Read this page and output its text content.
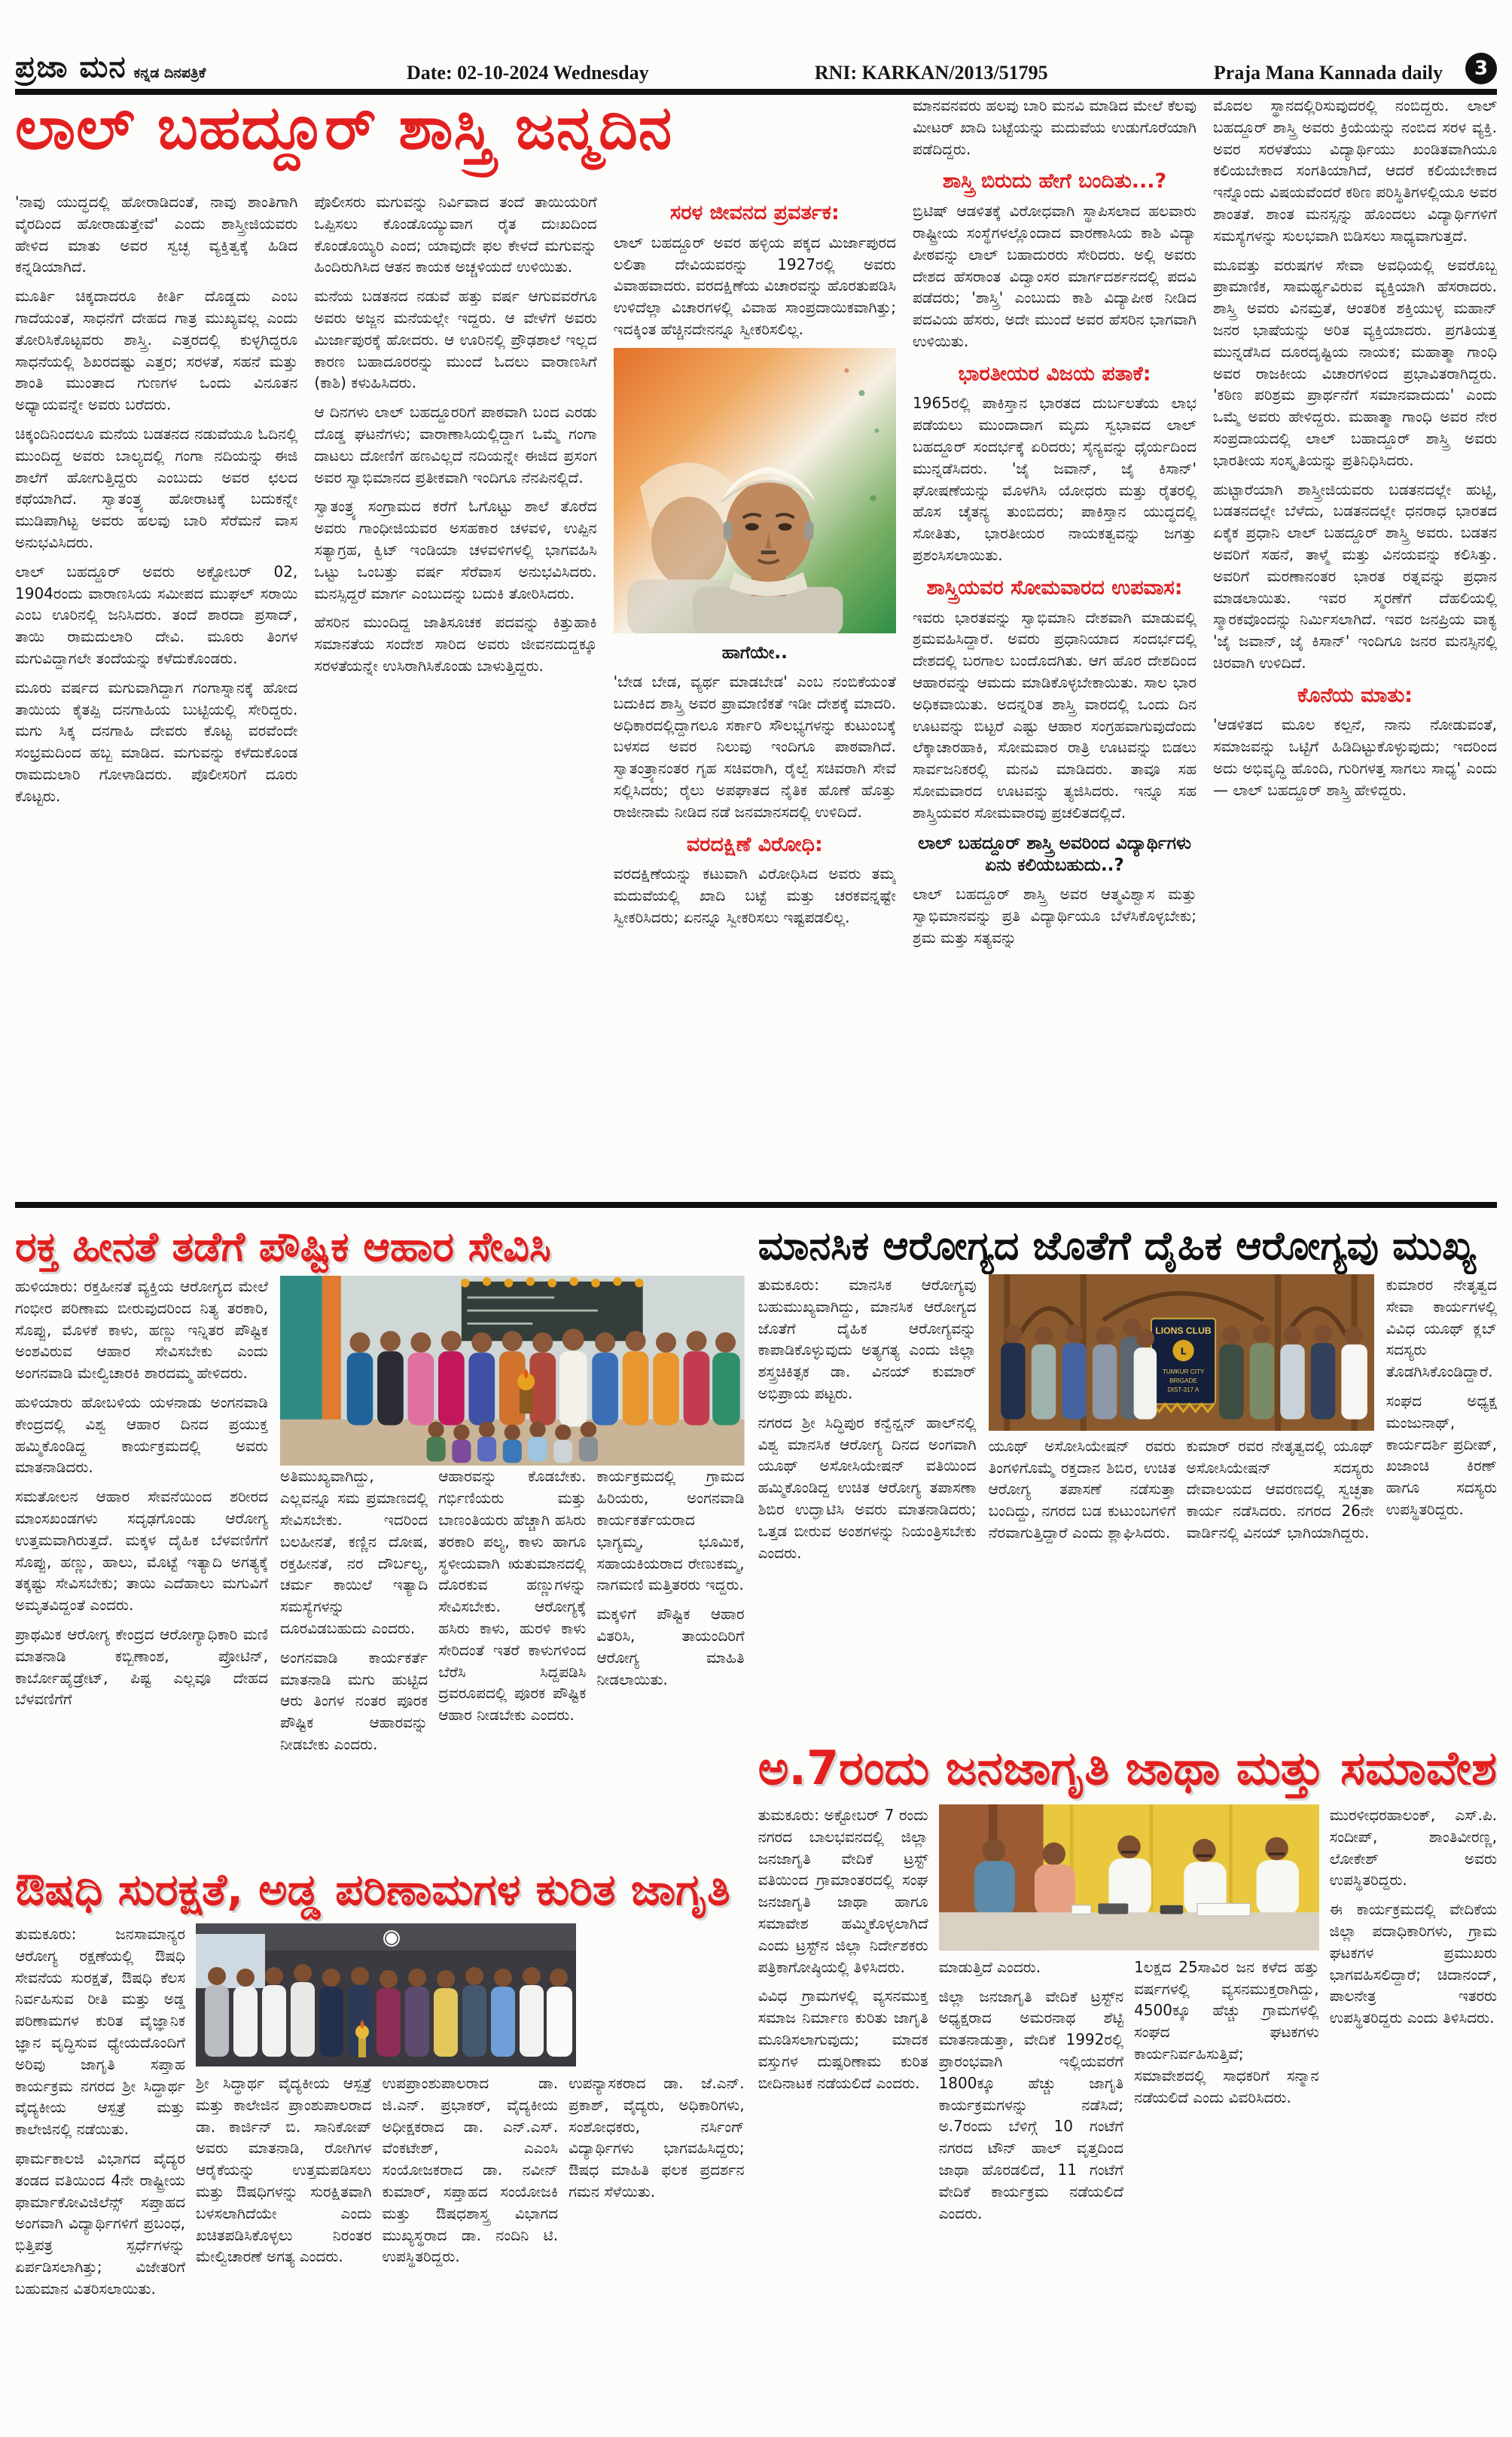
ಪ್ರಜಾ ಮನ ಕನ್ನಡ ದಿನಪತ್ರಿಕೆ	Date: 02-10-2024 Wednesday	RNI: KARKAN/2013/51795	Praja Mana Kannada daily	3
ಲಾಲ್ ಬಹದ್ದೂರ್ ಶಾಸ್ತ್ರಿ ಜನ್ಮದಿನ
'ನಾವು ಯುದ್ಧದಲ್ಲಿ ಹೋರಾಡಿದಂತೆ, ನಾವು ಶಾಂತಿಗಾಗಿ ವೈರದಿಂದ ಹೋರಾಡುತ್ತೇವೆ' ಎಂದು ಶಾಸ್ತ್ರೀಜಿಯವರು ಹೇಳಿದ ಮಾತು ಅವರ ಸ್ವಚ್ಛ ವ್ಯಕ್ತಿತ್ವಕ್ಕೆ ಹಿಡಿದ ಕನ್ನಡಿಯಾಗಿದೆ.
ಮೂರ್ತಿ ಚಿಕ್ಕದಾದರೂ ಕೀರ್ತಿ ದೊಡ್ಡದು ಎಂಬ ಗಾದೆಯಂತೆ, ಸಾಧನೆಗೆ ದೇಹದ ಗಾತ್ರ ಮುಖ್ಯವಲ್ಲ ಎಂದು ತೋರಿಸಿಕೊಟ್ಟವರು ಶಾಸ್ತ್ರಿ. ಎತ್ತರದಲ್ಲಿ ಕುಳ್ಳಗಿದ್ದರೂ ಸಾಧನೆಯಲ್ಲಿ ಶಿಖರದಷ್ಟು ಎತ್ತರ; ಸರಳತೆ, ಸಹನೆ ಮತ್ತು ಶಾಂತಿ ಮುಂತಾದ ಗುಣಗಳ ಒಂದು ವಿನೂತನ ಅಧ್ಯಾಯವನ್ನೇ ಅವರು ಬರೆದರು.
ಚಿಕ್ಕಂದಿನಿಂದಲೂ ಮನೆಯ ಬಡತನದ ನಡುವೆಯೂ ಓದಿನಲ್ಲಿ ಮುಂದಿದ್ದ ಅವರು ಬಾಲ್ಯದಲ್ಲಿ ಗಂಗಾ ನದಿಯನ್ನು ಈಜಿ ಶಾಲೆಗೆ ಹೋಗುತ್ತಿದ್ದರು ಎಂಬುದು ಅವರ ಛಲದ ಕಥೆಯಾಗಿದೆ. ಸ್ವಾತಂತ್ರ್ಯ ಹೋರಾಟಕ್ಕೆ ಬದುಕನ್ನೇ ಮುಡಿಪಾಗಿಟ್ಟ ಅವರು ಹಲವು ಬಾರಿ ಸೆರೆಮನೆ ವಾಸ ಅನುಭವಿಸಿದರು.
ಲಾಲ್ ಬಹದ್ದೂರ್ ಅವರು ಅಕ್ಟೋಬರ್ 02, 1904ರಂದು ವಾರಾಣಸಿಯ ಸಮೀಪದ ಮುಘಲ್ ಸರಾಯಿ ಎಂಬ ಊರಿನಲ್ಲಿ ಜನಿಸಿದರು. ತಂದೆ ಶಾರದಾ ಪ್ರಸಾದ್, ತಾಯಿ ರಾಮದುಲಾರಿ ದೇವಿ. ಮೂರು ತಿಂಗಳ ಮಗುವಿದ್ದಾಗಲೇ ತಂದೆಯನ್ನು ಕಳೆದುಕೊಂಡರು.
ಮೂರು ವರ್ಷದ ಮಗುವಾಗಿದ್ದಾಗ ಗಂಗಾಸ್ನಾನಕ್ಕೆ ಹೋದ ತಾಯಿಯ ಕೈತಪ್ಪಿ ದನಗಾಹಿಯ ಬುಟ್ಟಿಯಲ್ಲಿ ಸೇರಿದ್ದರು. ಮಗು ಸಿಕ್ಕ ದನಗಾಹಿ ದೇವರು ಕೊಟ್ಟ ವರವೆಂದೇ ಸಂಭ್ರಮದಿಂದ ಹಬ್ಬ ಮಾಡಿದ. ಮಗುವನ್ನು ಕಳೆದುಕೊಂಡ ರಾಮದುಲಾರಿ ಗೋಳಾಡಿದರು. ಪೊಲೀಸರಿಗೆ ದೂರು ಕೊಟ್ಟರು.
ಪೊಲೀಸರು ಮಗುವನ್ನು ನಿರ್ವಿವಾದ ತಂದೆ ತಾಯಿಯರಿಗೆ ಒಪ್ಪಿಸಲು ಕೊಂಡೊಯ್ಯುವಾಗ ರೈತ ದುಃಖದಿಂದ ಕೊಂಡೊಯ್ಯಿರಿ ಎಂದ; ಯಾವುದೇ ಫಲ ಕೇಳದೆ ಮಗುವನ್ನು ಹಿಂದಿರುಗಿಸಿದ ಆತನ ಕಾಯಕ ಅಚ್ಚಳಿಯದೆ ಉಳಿಯಿತು.
ಮನೆಯ ಬಡತನದ ನಡುವೆ ಹತ್ತು ವರ್ಷ ಆಗುವವರೆಗೂ ಅವರು ಅಜ್ಜನ ಮನೆಯಲ್ಲೇ ಇದ್ದರು. ಆ ವೇಳೆಗೆ ಅವರು ಮಿರ್ಜಾಪುರಕ್ಕೆ ಹೋದರು. ಆ ಊರಿನಲ್ಲಿ ಪ್ರೌಢಶಾಲೆ ಇಲ್ಲದ ಕಾರಣ ಬಹಾದೂರರನ್ನು ಮುಂದೆ ಓದಲು ವಾರಾಣಸಿಗೆ (ಕಾಶಿ) ಕಳುಹಿಸಿದರು.
ಆ ದಿನಗಳು ಲಾಲ್ ಬಹದ್ದೂರರಿಗೆ ಪಾಠವಾಗಿ ಬಂದ ಎರಡು ದೊಡ್ಡ ಘಟನೆಗಳು; ವಾರಾಣಾಸಿಯಲ್ಲಿದ್ದಾಗ ಒಮ್ಮೆ ಗಂಗಾ ದಾಟಲು ದೋಣಿಗೆ ಹಣವಿಲ್ಲದೆ ನದಿಯನ್ನೇ ಈಜಿದ ಪ್ರಸಂಗ ಅವರ ಸ್ವಾಭಿಮಾನದ ಪ್ರತೀಕವಾಗಿ ಇಂದಿಗೂ ನೆನಪಿನಲ್ಲಿದೆ.
ಸ್ವಾತಂತ್ರ್ಯ ಸಂಗ್ರಾಮದ ಕರೆಗೆ ಓಗೊಟ್ಟು ಶಾಲೆ ತೊರೆದ ಅವರು ಗಾಂಧೀಜಿಯವರ ಅಸಹಕಾರ ಚಳವಳಿ, ಉಪ್ಪಿನ ಸತ್ಯಾಗ್ರಹ, ಕ್ವಿಟ್ ಇಂಡಿಯಾ ಚಳವಳಿಗಳಲ್ಲಿ ಭಾಗವಹಿಸಿ ಒಟ್ಟು ಒಂಬತ್ತು ವರ್ಷ ಸೆರೆವಾಸ ಅನುಭವಿಸಿದರು. ಮನಸ್ಸಿದ್ದರೆ ಮಾರ್ಗ ಎಂಬುದನ್ನು ಬದುಕಿ ತೋರಿಸಿದರು.
ಹೆಸರಿನ ಮುಂದಿದ್ದ ಜಾತಿಸೂಚಕ ಪದವನ್ನು ಕಿತ್ತುಹಾಕಿ ಸಮಾನತೆಯ ಸಂದೇಶ ಸಾರಿದ ಅವರು ಜೀವನದುದ್ದಕ್ಕೂ ಸರಳತೆಯನ್ನೇ ಉಸಿರಾಗಿಸಿಕೊಂಡು ಬಾಳುತ್ತಿದ್ದರು.
ಸರಳ ಜೀವನದ ಪ್ರವರ್ತಕ:
ಲಾಲ್ ಬಹದ್ದೂರ್ ಅವರ ಹಳ್ಳಿಯ ಪಕ್ಕದ ಮಿರ್ಜಾಪುರದ ಲಲಿತಾ ದೇವಿಯವರನ್ನು 1927ರಲ್ಲಿ ಅವರು ವಿವಾಹವಾದರು. ವರದಕ್ಷಿಣೆಯ ವಿಚಾರವನ್ನು ಹೊರತುಪಡಿಸಿ ಉಳಿದೆಲ್ಲಾ ವಿಚಾರಗಳಲ್ಲಿ ವಿವಾಹ ಸಾಂಪ್ರದಾಯಿಕವಾಗಿತ್ತು; ಇದಕ್ಕಿಂತ ಹೆಚ್ಚಿನದೇನನ್ನೂ ಸ್ವೀಕರಿಸಲಿಲ್ಲ.
ಹಾಗೆಯೇ..
'ಬೇಡ ಬೇಡ, ವ್ಯರ್ಥ ಮಾಡಬೇಡ' ಎಂಬ ನಂಬಿಕೆಯಂತೆ ಬದುಕಿದ ಶಾಸ್ತ್ರಿ ಅವರ ಪ್ರಾಮಾಣಿಕತೆ ಇಡೀ ದೇಶಕ್ಕೆ ಮಾದರಿ. ಅಧಿಕಾರದಲ್ಲಿದ್ದಾಗಲೂ ಸರ್ಕಾರಿ ಸೌಲಭ್ಯಗಳನ್ನು ಕುಟುಂಬಕ್ಕೆ ಬಳಸದ ಅವರ ನಿಲುವು ಇಂದಿಗೂ ಪಾಠವಾಗಿದೆ. ಸ್ವಾತಂತ್ರ್ಯಾನಂತರ ಗೃಹ ಸಚಿವರಾಗಿ, ರೈಲ್ವೆ ಸಚಿವರಾಗಿ ಸೇವೆ ಸಲ್ಲಿಸಿದರು; ರೈಲು ಅಪಘಾತದ ನೈತಿಕ ಹೊಣೆ ಹೊತ್ತು ರಾಜೀನಾಮೆ ನೀಡಿದ ನಡೆ ಜನಮಾನಸದಲ್ಲಿ ಉಳಿದಿದೆ.
ವರದಕ್ಷಿಣೆ ವಿರೋಧಿ:
ವರದಕ್ಷಿಣೆಯನ್ನು ಕಟುವಾಗಿ ವಿರೋಧಿಸಿದ ಅವರು ತಮ್ಮ ಮದುವೆಯಲ್ಲಿ ಖಾದಿ ಬಟ್ಟೆ ಮತ್ತು ಚರಕವನ್ನಷ್ಟೇ ಸ್ವೀಕರಿಸಿದರು; ಏನನ್ನೂ ಸ್ವೀಕರಿಸಲು ಇಷ್ಟಪಡಲಿಲ್ಲ.
ಮಾನವನವರು ಹಲವು ಬಾರಿ ಮನವಿ ಮಾಡಿದ ಮೇಲೆ ಕೆಲವು ಮೀಟರ್ ಖಾದಿ ಬಟ್ಟೆಯನ್ನು ಮದುವೆಯ ಉಡುಗೊರೆಯಾಗಿ ಪಡೆದಿದ್ದರು.
ಶಾಸ್ತ್ರಿ ಬಿರುದು ಹೇಗೆ ಬಂದಿತು...?
ಬ್ರಿಟಿಷ್ ಆಡಳಿತಕ್ಕೆ ವಿರೋಧವಾಗಿ ಸ್ಥಾಪಿಸಲಾದ ಹಲವಾರು ರಾಷ್ಟ್ರೀಯ ಸಂಸ್ಥೆಗಳಲ್ಲೊಂದಾದ ವಾರಣಾಸಿಯ ಕಾಶಿ ವಿದ್ಯಾ ಪೀಠವನ್ನು ಲಾಲ್ ಬಹಾದುರರು ಸೇರಿದರು. ಅಲ್ಲಿ ಅವರು ದೇಶದ ಹೆಸರಾಂತ ವಿದ್ವಾಂಸರ ಮಾರ್ಗದರ್ಶನದಲ್ಲಿ ಪದವಿ ಪಡೆದರು; 'ಶಾಸ್ತ್ರಿ' ಎಂಬುದು ಕಾಶಿ ವಿದ್ಯಾಪೀಠ ನೀಡಿದ ಪದವಿಯ ಹೆಸರು, ಅದೇ ಮುಂದೆ ಅವರ ಹೆಸರಿನ ಭಾಗವಾಗಿ ಉಳಿಯಿತು.
ಭಾರತೀಯರ ವಿಜಯ ಪತಾಕೆ:
1965ರಲ್ಲಿ ಪಾಕಿಸ್ತಾನ ಭಾರತದ ದುರ್ಬಲತೆಯ ಲಾಭ ಪಡೆಯಲು ಮುಂದಾದಾಗ ಮೃದು ಸ್ವಭಾವದ ಲಾಲ್ ಬಹದ್ದೂರ್ ಸಂದರ್ಭಕ್ಕೆ ಏರಿದರು; ಸೈನ್ಯವನ್ನು ಧೈರ್ಯದಿಂದ ಮುನ್ನಡೆಸಿದರು. 'ಜೈ ಜವಾನ್, ಜೈ ಕಿಸಾನ್' ಘೋಷಣೆಯನ್ನು ಮೊಳಗಿಸಿ ಯೋಧರು ಮತ್ತು ರೈತರಲ್ಲಿ ಹೊಸ ಚೈತನ್ಯ ತುಂಬಿದರು; ಪಾಕಿಸ್ತಾನ ಯುದ್ಧದಲ್ಲಿ ಸೋತಿತು, ಭಾರತೀಯರ ನಾಯಕತ್ವವನ್ನು ಜಗತ್ತು ಪ್ರಶಂಸಿಸಲಾಯಿತು.
ಶಾಸ್ತ್ರಿಯವರ ಸೋಮವಾರದ ಉಪವಾಸ:
ಇವರು ಭಾರತವನ್ನು ಸ್ವಾಭಿಮಾನಿ ದೇಶವಾಗಿ ಮಾಡುವಲ್ಲಿ ಶ್ರಮವಹಿಸಿದ್ದಾರೆ. ಅವರು ಪ್ರಧಾನಿಯಾದ ಸಂದರ್ಭದಲ್ಲಿ ದೇಶದಲ್ಲಿ ಬರಗಾಲ ಬಂದೊದಗಿತು. ಆಗ ಹೊರ ದೇಶದಿಂದ ಆಹಾರವನ್ನು ಆಮದು ಮಾಡಿಕೊಳ್ಳಬೇಕಾಯಿತು. ಸಾಲ ಭಾರ ಅಧಿಕವಾಯಿತು. ಅದನ್ನರಿತ ಶಾಸ್ತ್ರಿ ವಾರದಲ್ಲಿ ಒಂದು ದಿನ ಊಟವನ್ನು ಬಿಟ್ಟರೆ ಎಷ್ಟು ಆಹಾರ ಸಂಗ್ರಹವಾಗುವುದೆಂದು ಲೆಕ್ಕಾಚಾರಹಾಕಿ, ಸೋಮವಾರ ರಾತ್ರಿ ಊಟವನ್ನು ಬಿಡಲು ಸಾರ್ವಜನಿಕರಲ್ಲಿ ಮನವಿ ಮಾಡಿದರು. ತಾವೂ ಸಹ ಸೋಮವಾರದ ಊಟವನ್ನು ತ್ಯಜಿಸಿದರು. ಇನ್ನೂ ಸಹ ಶಾಸ್ತ್ರಿಯವರ ಸೋಮವಾರವು ಪ್ರಚಲಿತದಲ್ಲಿದೆ.
ಲಾಲ್ ಬಹದ್ದೂರ್ ಶಾಸ್ತ್ರಿ ಅವರಿಂದ ವಿದ್ಯಾರ್ಥಿಗಳು ಏನು ಕಲಿಯಬಹುದು..?
ಲಾಲ್ ಬಹದ್ದೂರ್ ಶಾಸ್ತ್ರಿ ಅವರ ಆತ್ಮವಿಶ್ವಾಸ ಮತ್ತು ಸ್ವಾಭಿಮಾನವನ್ನು ಪ್ರತಿ ವಿದ್ಯಾರ್ಥಿಯೂ ಬೆಳೆಸಿಕೊಳ್ಳಬೇಕು; ಶ್ರಮ ಮತ್ತು ಸತ್ಯವನ್ನು
ಮೊದಲ ಸ್ಥಾನದಲ್ಲಿರಿಸುವುದರಲ್ಲಿ ನಂಬಿದ್ದರು. ಲಾಲ್ ಬಹದ್ದೂರ್ ಶಾಸ್ತ್ರಿ ಅವರು ಕ್ರಿಯೆಯನ್ನು ನಂಬಿದ ಸರಳ ವ್ಯಕ್ತಿ. ಅವರ ಸರಳತೆಯು ವಿದ್ಯಾರ್ಥಿಯು ಖಂಡಿತವಾಗಿಯೂ ಕಲಿಯಬೇಕಾದ ಸಂಗತಿಯಾಗಿದೆ, ಆದರೆ ಕಲಿಯಬೇಕಾದ ಇನ್ನೊಂದು ವಿಷಯವೆಂದರೆ ಕಠಿಣ ಪರಿಸ್ಥಿತಿಗಳಲ್ಲಿಯೂ ಅವರ ಶಾಂತತೆ. ಶಾಂತ ಮನಸ್ಸನ್ನು ಹೊಂದಲು ವಿದ್ಯಾರ್ಥಿಗಳಿಗೆ ಸಮಸ್ಯೆಗಳನ್ನು ಸುಲಭವಾಗಿ ಬಿಡಿಸಲು ಸಾಧ್ಯವಾಗುತ್ತದೆ.
ಮೂವತ್ತು ವರುಷಗಳ ಸೇವಾ ಅವಧಿಯಲ್ಲಿ ಅವರೊಬ್ಬ ಪ್ರಾಮಾಣಿಕ, ಸಾಮರ್ಥ್ಯವಿರುವ ವ್ಯಕ್ತಿಯಾಗಿ ಹೆಸರಾದರು. ಶಾಸ್ತ್ರಿ ಅವರು ವಿನಮ್ರತೆ, ಆಂತರಿಕ ಶಕ್ತಿಯುಳ್ಳ ಮಹಾನ್ ಜನರ ಭಾಷೆಯನ್ನು ಅರಿತ ವ್ಯಕ್ತಿಯಾದರು. ಪ್ರಗತಿಯತ್ತ ಮುನ್ನಡೆಸಿದ ದೂರದೃಷ್ಟಿಯ ನಾಯಕ; ಮಹಾತ್ಮಾ ಗಾಂಧಿ ಅವರ ರಾಜಕೀಯ ವಿಚಾರಗಳಿಂದ ಪ್ರಭಾವಿತರಾಗಿದ್ದರು. 'ಕಠಿಣ ಪರಿಶ್ರಮ ಪ್ರಾರ್ಥನೆಗೆ ಸಮಾನವಾದುದು' ಎಂದು ಒಮ್ಮೆ ಅವರು ಹೇಳಿದ್ದರು. ಮಹಾತ್ಮಾ ಗಾಂಧಿ ಅವರ ನೇರ ಸಂಪ್ರದಾಯದಲ್ಲಿ ಲಾಲ್ ಬಹಾದ್ದೂರ್ ಶಾಸ್ತ್ರಿ ಅವರು ಭಾರತೀಯ ಸಂಸ್ಕೃತಿಯನ್ನು ಪ್ರತಿನಿಧಿಸಿದರು.
ಹುಟ್ಟಾರೆಯಾಗಿ ಶಾಸ್ತ್ರೀಜಿಯವರು ಬಡತನದಲ್ಲೇ ಹುಟ್ಟಿ, ಬಡತನದಲ್ಲೇ ಬೆಳೆದು, ಬಡತನದಲ್ಲೇ ಧನರಾಧ ಭಾರತದ ಏಕೈಕ ಪ್ರಧಾನಿ ಲಾಲ್ ಬಹದ್ದೂರ್ ಶಾಸ್ತ್ರಿ ಅವರು. ಬಡತನ ಅವರಿಗೆ ಸಹನೆ, ತಾಳ್ಮೆ ಮತ್ತು ವಿನಯವನ್ನು ಕಲಿಸಿತ್ತು. ಅವರಿಗೆ ಮರಣಾನಂತರ ಭಾರತ ರತ್ನವನ್ನು ಪ್ರಧಾನ ಮಾಡಲಾಯಿತು. ಇವರ ಸ್ಮರಣೆಗೆ ದೆಹಲಿಯಲ್ಲಿ ಸ್ಮಾರಕವೊಂದನ್ನು ನಿರ್ಮಿಸಲಾಗಿದೆ. ಇವರ ಜನಪ್ರಿಯ ವಾಕ್ಯ 'ಜೈ ಜವಾನ್, ಜೈ ಕಿಸಾನ್' ಇಂದಿಗೂ ಜನರ ಮನಸ್ಸಿನಲ್ಲಿ ಚಿರವಾಗಿ ಉಳಿದಿದೆ.
ಕೊನೆಯ ಮಾತು:
'ಆಡಳಿತದ ಮೂಲ ಕಲ್ಪನೆ, ನಾನು ನೋಡುವಂತೆ, ಸಮಾಜವನ್ನು ಒಟ್ಟಿಗೆ ಹಿಡಿದಿಟ್ಟುಕೊಳ್ಳುವುದು; ಇದರಿಂದ ಅದು ಅಭಿವೃದ್ಧಿ ಹೊಂದಿ, ಗುರಿಗಳತ್ತ ಸಾಗಲು ಸಾಧ್ಯ' ಎಂದು — ಲಾಲ್ ಬಹದ್ದೂರ್ ಶಾಸ್ತ್ರಿ ಹೇಳಿದ್ದರು.
ರಕ್ತ ಹೀನತೆ ತಡೆಗೆ ಪೌಷ್ಟಿಕ ಆಹಾರ ಸೇವಿಸಿ
ಹುಳಿಯಾರು: ರಕ್ತಹೀನತೆ ವ್ಯಕ್ತಿಯ ಆರೋಗ್ಯದ ಮೇಲೆ ಗಂಭೀರ ಪರಿಣಾಮ ಬೀರುವುದರಿಂದ ನಿತ್ಯ ತರಕಾರಿ, ಸೊಪ್ಪು, ಮೊಳಕೆ ಕಾಳು, ಹಣ್ಣು ಇನ್ನಿತರ ಪೌಷ್ಟಿಕ ಅಂಶವಿರುವ ಆಹಾರ ಸೇವಿಸಬೇಕು ಎಂದು ಅಂಗನವಾಡಿ ಮೇಲ್ವಿಚಾರಕಿ ಶಾರದಮ್ಮ ಹೇಳಿದರು.
ಹುಳಿಯಾರು ಹೋಬಳಿಯ ಯಳನಾಡು ಅಂಗನವಾಡಿ ಕೇಂದ್ರದಲ್ಲಿ ವಿಶ್ವ ಆಹಾರ ದಿನದ ಪ್ರಯುಕ್ತ ಹಮ್ಮಿಕೊಂಡಿದ್ದ ಕಾರ್ಯಕ್ರಮದಲ್ಲಿ ಅವರು ಮಾತನಾಡಿದರು.
ಸಮತೋಲನ ಆಹಾರ ಸೇವನೆಯಿಂದ ಶರೀರದ ಮಾಂಸಖಂಡಗಳು ಸದೃಢಗೊಂಡು ಆರೋಗ್ಯ ಉತ್ತಮವಾಗಿರುತ್ತದೆ. ಮಕ್ಕಳ ದೈಹಿಕ ಬೆಳವಣಿಗೆಗೆ ಸೊಪ್ಪು, ಹಣ್ಣು, ಹಾಲು, ಮೊಟ್ಟೆ ಇತ್ಯಾದಿ ಅಗತ್ಯಕ್ಕೆ ತಕ್ಕಷ್ಟು ಸೇವಿಸಬೇಕು; ತಾಯಿ ಎದೆಹಾಲು ಮಗುವಿಗೆ ಅಮೃತವಿದ್ದಂತೆ ಎಂದರು.
ಪ್ರಾಥಮಿಕ ಆರೋಗ್ಯ ಕೇಂದ್ರದ ಆರೋಗ್ಯಾಧಿಕಾರಿ ಮಣಿ ಮಾತನಾಡಿ ಕಬ್ಬಿಣಾಂಶ, ಪ್ರೋಟಿನ್, ಕಾರ್ಬೋಹೈಡ್ರೇಟ್, ಪಿಷ್ಟ ಎಲ್ಲವೂ ದೇಹದ ಬೆಳವಣಿಗೆಗೆ
ಅತಿಮುಖ್ಯವಾಗಿದ್ದು, ಎಲ್ಲವನ್ನೂ ಸಮ ಪ್ರಮಾಣದಲ್ಲಿ ಸೇವಿಸಬೇಕು. ಇದರಿಂದ ಬಲಹೀನತೆ, ಕಣ್ಣಿನ ದೋಷ, ರಕ್ತಹೀನತೆ, ನರ ದೌರ್ಬಲ್ಯ, ಚರ್ಮ ಕಾಯಿಲೆ ಇತ್ಯಾದಿ ಸಮಸ್ಯೆಗಳನ್ನು ದೂರವಿಡಬಹುದು ಎಂದರು.
ಅಂಗನವಾಡಿ ಕಾರ್ಯಕರ್ತೆ ಮಾತನಾಡಿ ಮಗು ಹುಟ್ಟಿದ ಆರು ತಿಂಗಳ ನಂತರ ಪೂರಕ ಪೌಷ್ಟಿಕ ಆಹಾರವನ್ನು ನೀಡಬೇಕು ಎಂದರು.
ಆಹಾರವನ್ನು ಕೊಡಬೇಕು. ಗರ್ಭಿಣಿಯರು ಮತ್ತು ಬಾಣಂತಿಯರು ಹೆಚ್ಚಾಗಿ ಹಸಿರು ತರಕಾರಿ ಪಲ್ಯ, ಕಾಳು ಹಾಗೂ ಸ್ಥಳೀಯವಾಗಿ ಋತುಮಾನದಲ್ಲಿ ದೊರಕುವ ಹಣ್ಣುಗಳನ್ನು ಸೇವಿಸಬೇಕು. ಆರೋಗ್ಯಕ್ಕೆ ಹಸಿರು ಕಾಳು, ಹುರಳಿ ಕಾಳು ಸೇರಿದಂತೆ ಇತರೆ ಕಾಳುಗಳಿಂದ ಬೆರೆಸಿ ಸಿದ್ದಪಡಿಸಿ ದ್ರವರೂಪದಲ್ಲಿ ಪೂರಕ ಪೌಷ್ಟಿಕ ಆಹಾರ ನೀಡಬೇಕು ಎಂದರು.
ಕಾರ್ಯಕ್ರಮದಲ್ಲಿ ಗ್ರಾಮದ ಹಿರಿಯರು, ಅಂಗನವಾಡಿ ಕಾರ್ಯಕರ್ತೆಯರಾದ ಭಾಗ್ಯಮ್ಮ, ಭೂಮಿಕ, ಸಹಾಯಕಿಯರಾದ ರೇಣುಕಮ್ಮ, ನಾಗಮಣಿ ಮತ್ತಿತರರು ಇದ್ದರು.
ಮಕ್ಕಳಿಗೆ ಪೌಷ್ಟಿಕ ಆಹಾರ ವಿತರಿಸಿ, ತಾಯಂದಿರಿಗೆ ಆರೋಗ್ಯ ಮಾಹಿತಿ ನೀಡಲಾಯಿತು.
ಔಷಧಿ ಸುರಕ್ಷತೆ, ಅಡ್ಡ ಪರಿಣಾಮಗಳ ಕುರಿತ ಜಾಗೃತಿ
ತುಮಕೂರು: ಜನಸಾಮಾನ್ಯರ ಆರೋಗ್ಯ ರಕ್ಷಣೆಯಲ್ಲಿ ಔಷಧಿ ಸೇವನೆಯ ಸುರಕ್ಷತೆ, ಔಷಧಿ ಕೆಲಸ ನಿರ್ವಹಿಸುವ ರೀತಿ ಮತ್ತು ಅಡ್ಡ ಪರಿಣಾಮಗಳ ಕುರಿತ ವೈಜ್ಞಾನಿಕ ಜ್ಞಾನ ವೃದ್ಧಿಸುವ ಧ್ಯೇಯದೊಂದಿಗೆ ಅರಿವು ಜಾಗೃತಿ ಸಪ್ತಾಹ ಕಾರ್ಯಕ್ರಮ ನಗರದ ಶ್ರೀ ಸಿದ್ಧಾರ್ಥ ವೈದ್ಯಕೀಯ ಆಸ್ಪತ್ರೆ ಮತ್ತು ಕಾ‌ಲೇಜಿನಲ್ಲಿ ನಡೆಯಿತು.
ಫಾರ್ಮಕಾಲಜಿ ವಿಭಾಗದ ವೈದ್ಯರ ತಂಡದ ವತಿಯಿಂದ 4ನೇ ರಾಷ್ಟ್ರೀಯ ಫಾರ್ಮಾಕೋವಿಜಿಲೆನ್ಸ್ ಸಪ್ತಾಹದ ಅಂಗವಾಗಿ ವಿದ್ಯಾರ್ಥಿಗಳಿಗೆ ಪ್ರಬಂಧ, ಭಿತ್ತಿಪತ್ರ ಸ್ಪರ್ಧೆಗಳನ್ನು ಏರ್ಪಡಿಸಲಾಗಿತ್ತು; ವಿಜೇತರಿಗೆ ಬಹುಮಾನ ವಿತರಿಸಲಾಯಿತು.
ಶ್ರೀ ಸಿದ್ಧಾರ್ಥ ವೈದ್ಯಕೀಯ ಆಸ್ಪತ್ರೆ ಮತ್ತು ಕಾಲೇಜಿನ ಪ್ರಾಂಶುಪಾಲರಾದ ಡಾ. ಕಾರ್ಜಿನ್ ಬಿ. ಸಾನಿಕೋಪ್ ಅವರು ಮಾತನಾಡಿ, ರೋಗಿಗಳ ಆರೈಕೆಯನ್ನು ಉತ್ತಮಪಡಿಸಲು ಮತ್ತು ಔಷಧಿಗಳನ್ನು ಸುರಕ್ಷಿತವಾಗಿ ಬಳಸಲಾಗಿದೆಯೇ ಎಂದು ಖಚಿತಪಡಿಸಿಕೊಳ್ಳಲು ನಿರಂತರ ಮೇಲ್ವಿಚಾರಣೆ ಅಗತ್ಯ ಎಂದರು.
ಉಪಪ್ರಾಂಶುಪಾಲರಾದ ಡಾ. ಜಿ.ಎನ್. ಪ್ರಭಾಕರ್, ವೈದ್ಯಕೀಯ ಅಧೀಕ್ಷಕರಾದ ಡಾ. ಎನ್.ಎಸ್. ವೆಂಕಟೇಶ್, ಎಎಂಸಿ ಸಂಯೋಜಕರಾದ ಡಾ. ನವೀನ್ ಕುಮಾರ್, ಸಪ್ತಾಹದ ಸಂಯೋಜಕಿ ಮತ್ತು ಔಷಧಶಾಸ್ತ್ರ ವಿಭಾಗದ ಮುಖ್ಯಸ್ಥರಾದ ಡಾ. ನಂದಿನಿ ಟಿ. ಉಪಸ್ಥಿತರಿದ್ದರು.
ಉಪನ್ಯಾಸಕರಾದ ಡಾ. ಜೆ.ಎನ್. ಪ್ರಕಾಶ್, ವೈದ್ಯರು, ಅಧಿಕಾರಿಗಳು, ಸಂಶೋಧಕರು, ನರ್ಸಿಂಗ್ ವಿದ್ಯಾರ್ಥಿಗಳು ಭಾಗವಹಿಸಿದ್ದರು; ಔಷಧ ಮಾಹಿತಿ ಫಲಕ ಪ್ರದರ್ಶನ ಗಮನ ಸೆಳೆಯಿತು.
ಮಾನಸಿಕ ಆರೋಗ್ಯದ ಜೊತೆಗೆ ದೈಹಿಕ ಆರೋಗ್ಯವು ಮುಖ್ಯ
ತುಮಕೂರು: ಮಾನಸಿಕ ಆರೋಗ್ಯವು ಬಹುಮುಖ್ಯವಾಗಿದ್ದು, ಮಾನಸಿಕ ಆರೋಗ್ಯದ ಜೊತೆಗೆ ದೈಹಿಕ ಆರೋಗ್ಯವನ್ನು ಕಾಪಾಡಿಕೊಳ್ಳುವುದು ಅತ್ಯಗತ್ಯ ಎಂದು ಜಿಲ್ಲಾ ಶಸ್ತ್ರಚಿಕಿತ್ಸಕ ಡಾ. ವಿನಯ್ ಕುಮಾರ್ ಅಭಿಪ್ರಾಯ ಪಟ್ಟರು.
ನಗರದ ಶ್ರೀ ಸಿದ್ಧಿಪುರ ಕನ್ವೆನ್ಷನ್ ಹಾಲ್‌ನಲ್ಲಿ ವಿಶ್ವ ಮಾನಸಿಕ ಆರೋಗ್ಯ ದಿನದ ಅಂಗವಾಗಿ ಯೂಥ್ ಅಸೋಸಿಯೇಷನ್ ವತಿಯಿಂದ ಹಮ್ಮಿಕೊಂಡಿದ್ದ ಉಚಿತ ಆರೋಗ್ಯ ತಪಾಸಣಾ ಶಿಬಿರ ಉದ್ಘಾಟಿಸಿ ಅವರು ಮಾತನಾಡಿದರು; ಒತ್ತಡ ಬೀರುವ ಅಂಶಗಳನ್ನು ನಿಯಂತ್ರಿಸಬೇಕು ಎಂದರು.
LIONS CLUB
L
TUMKUR CITY
BRIGADE
DIST-317 A
ಯೂಥ್ ಅಸೋಸಿಯೇಷನ್ ರವರು ತಿಂಗಳಿಗೊಮ್ಮೆ ರಕ್ತದಾನ ಶಿಬಿರ, ಉಚಿತ ಆರೋಗ್ಯ ತಪಾಸಣೆ ನಡೆಸುತ್ತಾ ಬಂದಿದ್ದು, ನಗರದ ಬಡ ಕುಟುಂಬಗಳಿಗೆ ನೆರವಾಗುತ್ತಿದ್ದಾರೆ ಎಂದು ಶ್ಲಾಘಿಸಿದರು.
ಕುಮಾರ್ ರವರ ನೇತೃತ್ವದಲ್ಲಿ ಯೂಥ್ ಅಸೋಸಿಯೇಷನ್ ಸದಸ್ಯರು ದೇವಾಲಯದ ಆವರಣದಲ್ಲಿ ಸ್ವಚ್ಛತಾ ಕಾರ್ಯ ನಡೆಸಿದರು. ನಗರದ 26ನೇ ವಾರ್ಡಿನಲ್ಲಿ ವಿನಯ್ ಭಾಗಿಯಾಗಿದ್ದರು.
ಕುಮಾರರ ನೇತೃತ್ವದ ಸೇವಾ ಕಾರ್ಯಗಳಲ್ಲಿ ವಿವಿಧ ಯೂಥ್ ಕ್ಲಬ್ ಸದಸ್ಯರು ತೊಡಗಿಸಿಕೊಂಡಿದ್ದಾರೆ.
ಸಂಘದ ಅಧ್ಯಕ್ಷ ಮಂಜುನಾಥ್, ಕಾರ್ಯದರ್ಶಿ ಪ್ರದೀಪ್, ಖಜಾಂಚಿ ಕಿರಣ್ ಹಾಗೂ ಸದಸ್ಯರು ಉಪಸ್ಥಿತರಿದ್ದರು.
ಅ.7ರಂದು ಜನಜಾಗೃತಿ ಜಾಥಾ ಮತ್ತು ಸಮಾವೇಶ
ತುಮಕೂರು: ಅಕ್ಟೋಬರ್ 7 ರಂದು ನಗರದ ಬಾಲಭವನದಲ್ಲಿ ಜಿಲ್ಲಾ ಜನಜಾಗೃತಿ ವೇದಿಕೆ ಟ್ರಸ್ಟ್ ವತಿಯಿಂದ ಗ್ರಾಮಾಂತರದಲ್ಲಿ ಸಂಘ ಜನಜಾಗೃತಿ ಜಾಥಾ ಹಾಗೂ ಸಮಾವೇಶ ಹಮ್ಮಿಕೊಳ್ಳಲಾಗಿದೆ ಎಂದು ಟ್ರಸ್ಟ್‌ನ ಜಿಲ್ಲಾ ನಿರ್ದೇಶಕರು ಪತ್ರಿಕಾಗೋಷ್ಠಿಯಲ್ಲಿ ತಿಳಿಸಿದರು.
ವಿವಿಧ ಗ್ರಾಮಗಳಲ್ಲಿ ವ್ಯಸನಮುಕ್ತ ಸಮಾಜ ನಿರ್ಮಾಣ ಕುರಿತು ಜಾಗೃತಿ ಮೂಡಿಸಲಾಗುವುದು; ಮಾದಕ ವಸ್ತುಗಳ ದುಷ್ಪರಿಣಾಮ ಕುರಿತ ಬೀದಿನಾಟಕ ನಡೆಯಲಿದೆ ಎಂದರು.
ಮಾಡುತ್ತಿದೆ ಎಂದರು.
ಜಿಲ್ಲಾ ಜನಜಾಗೃತಿ ವೇದಿಕೆ ಟ್ರಸ್ಟ್‌ನ ಅಧ್ಯಕ್ಷರಾದ ಅಮರನಾಥ ಶೆಟ್ಟಿ ಮಾತನಾಡುತ್ತಾ, ವೇದಿಕೆ 1992ರಲ್ಲಿ ಪ್ರಾರಂಭವಾಗಿ ಇಲ್ಲಿಯವರೆಗೆ 1800ಕ್ಕೂ ಹೆಚ್ಚು ಜಾಗೃತಿ ಕಾರ್ಯಕ್ರಮಗಳನ್ನು ನಡೆಸಿದೆ; ಅ.7ರಂದು ಬೆಳಿಗ್ಗೆ 10 ಗಂಟೆಗೆ ನಗರದ ಟೌನ್ ಹಾಲ್ ವೃತ್ತದಿಂದ ಜಾಥಾ ಹೊರಡಲಿದೆ, 11 ಗಂಟೆಗೆ ವೇದಿಕೆ ಕಾರ್ಯಕ್ರಮ ನಡೆಯಲಿದೆ ಎಂದರು.
1ಲಕ್ಷದ 25ಸಾವಿರ ಜನ ಕಳೆದ ಹತ್ತು ವರ್ಷಗಳಲ್ಲಿ ವ್ಯಸನಮುಕ್ತರಾಗಿದ್ದು, 4500ಕ್ಕೂ ಹೆಚ್ಚು ಗ್ರಾಮಗಳಲ್ಲಿ ಸಂಘದ ಘಟಕಗಳು ಕಾರ್ಯನಿರ್ವಹಿಸುತ್ತಿವೆ; ಸಮಾವೇಶದಲ್ಲಿ ಸಾಧಕರಿಗೆ ಸನ್ಮಾನ ನಡೆಯಲಿದೆ ಎಂದು ವಿವರಿಸಿದರು.
ಮುರಳೀಧರಹಾಲಂಕ್, ಎಸ್.ಪಿ. ಸಂದೀಪ್, ಶಾಂತಿವೀರಣ್ಣ, ಲೋಕೇಶ್ ಅವರು ಉಪಸ್ಥಿತರಿದ್ದರು.
ಈ ಕಾರ್ಯಕ್ರಮದಲ್ಲಿ ವೇದಿಕೆಯ ಜಿಲ್ಲಾ ಪದಾಧಿಕಾರಿಗಳು, ಗ್ರಾಮ ಘಟಕಗಳ ಪ್ರಮುಖರು ಭಾಗವಹಿಸಲಿದ್ದಾರೆ; ಚಿದಾನಂದ್, ಪಾಲನೇತ್ರ ಇತರರು ಉಪಸ್ಥಿತರಿದ್ದರು ಎಂದು ತಿಳಿಸಿದರು.
